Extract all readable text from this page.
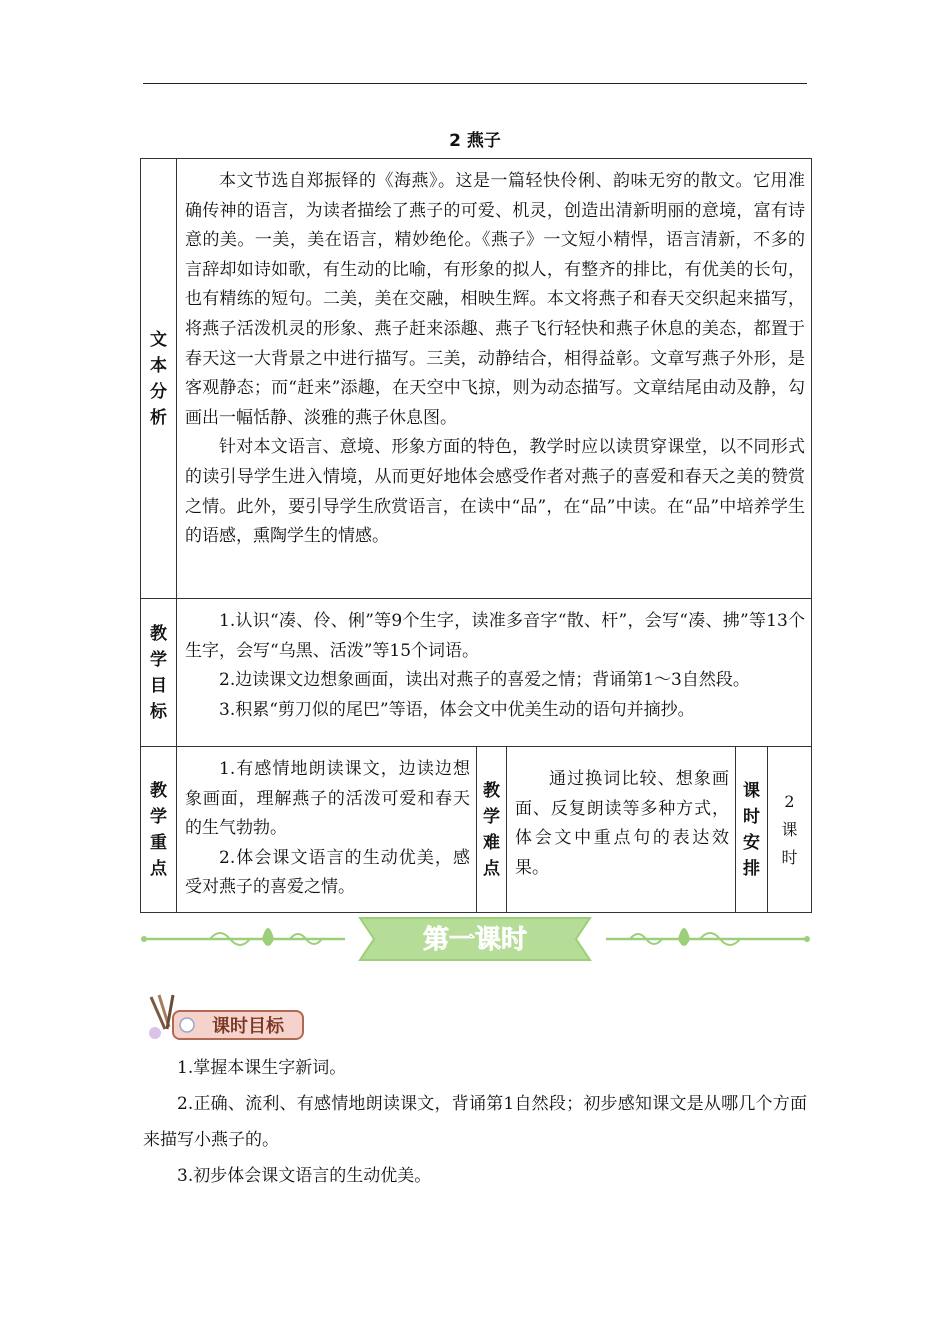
2 燕子
文本分析	本文节选自郑振铎的《海燕》。这是一篇轻快伶俐、韵味无穷的散文。它用准确传神的语言，为读者描绘了燕子的可爱、机灵，创造出清新明丽的意境，富有诗意的美。一美，美在语言，精妙绝伦。《燕子》一文短小精悍，语言清新，不多的言辞却如诗如歌，有生动的比喻，有形象的拟人，有整齐的排比，有优美的长句，也有精练的短句。二美，美在交融，相映生辉。本文将燕子和春天交织起来描写，将燕子活泼机灵的形象、燕子赶来添趣、燕子飞行轻快和燕子休息的美态，都置于春天这一大背景之中进行描写。三美，动静结合，相得益彰。文章写燕子外形，是客观静态；而“赶来”添趣，在天空中飞掠，则为动态描写。文章结尾由动及静，勾画出一幅恬静、淡雅的燕子休息图。

针对本文语言、意境、形象方面的特色，教学时应以读贯穿课堂，以不同形式的读引导学生进入情境，从而更好地体会感受作者对燕子的喜爱和春天之美的赞赏之情。此外，要引导学生欣赏语言，在读中“品”，在“品”中读。在“品”中培养学生的语感，熏陶学生的情感。				

教学目标	1.认识“凑、伶、俐”等9个生字，读准多音字“散、杆”，会写“凑、拂”等13个生字，会写“乌黑、活泼”等15个词语。

2.边读课文边想象画面，读出对燕子的喜爱之情；背诵第1～3自然段。

3.积累“剪刀似的尾巴”等语，体会文中优美生动的语句并摘抄。				

教学重点	1.有感情地朗读课文，边读边想象画面，理解燕子的活泼可爱和春天的生气勃勃。

2.体会课文语言的生动优美，感受对燕子的喜爱之情。	教学难点	通过换词比较、想象画面、反复朗读等多种方式，体会文中重点句的表达效果。	课时安排	2课时
第一课时
课时目标

1.掌握本课生字新词。

2.正确、流利、有感情地朗读课文，背诵第1自然段；初步感知课文是从哪几个方面来描写小燕子的。

3.初步体会课文语言的生动优美。
